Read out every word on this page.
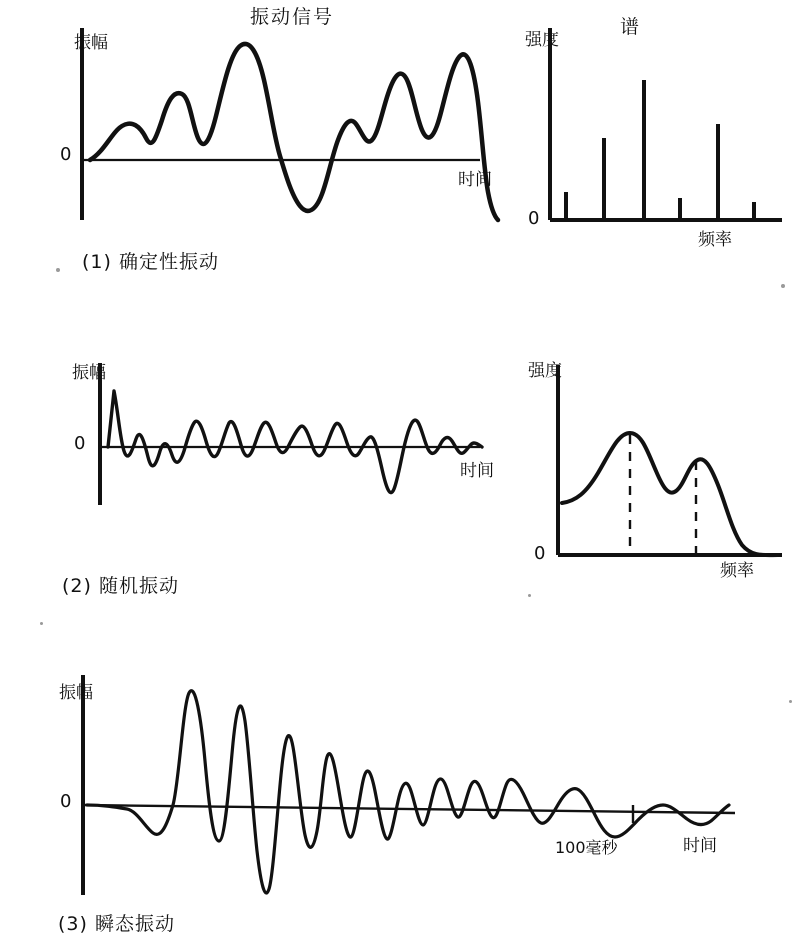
振动信号	谱
振幅
0
时间
强度
0
频率
(1) 确定性振动
振幅
0
时间
强度
0
频率
(2) 随机振动
振幅
0
100毫秒	时间
(3) 瞬态振动
